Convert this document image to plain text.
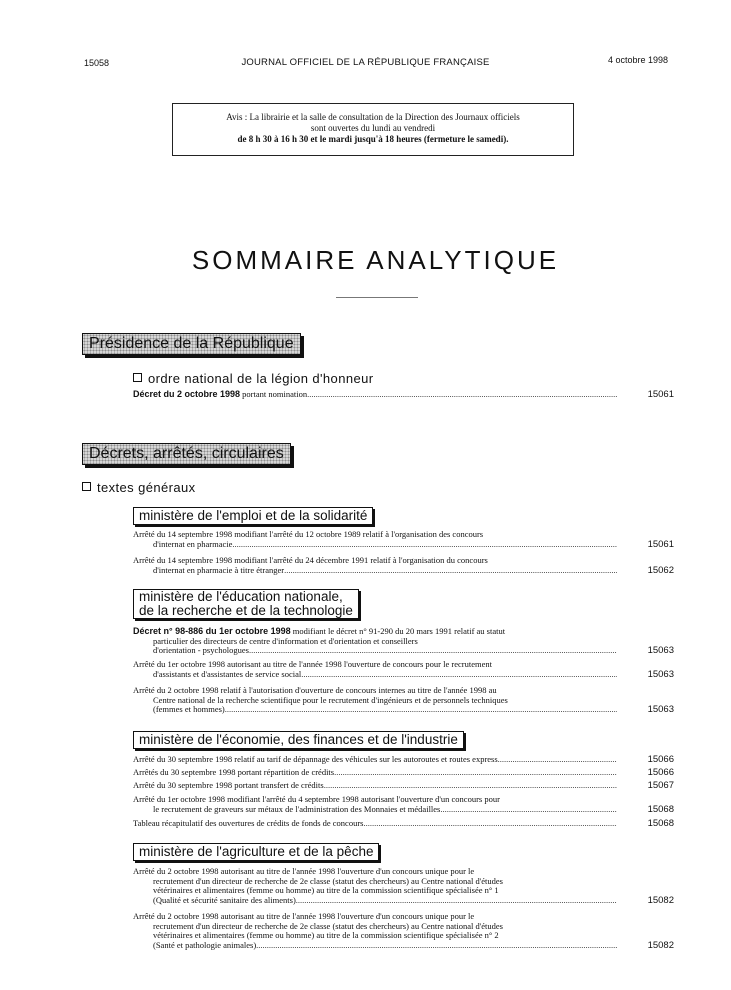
15058	JOURNAL OFFICIEL DE LA RÉPUBLIQUE FRANÇAISE	4 octobre 1998
Avis : La librairie et la salle de consultation de la Direction des Journaux officiels
sont ouvertes du lundi au vendredi
de 8 h 30 à 16 h 30 et le mardi jusqu'à 18 heures (fermeture le samedi).
SOMMAIRE ANALYTIQUE
Présidence de la République
ordre national de la légion d'honneur
Décret du 2 octobre 1998 portant nomination .....	15061
Décrets, arrêtés, circulaires
textes généraux
ministère de l'emploi et de la solidarité
Arrêté du 14 septembre 1998 modifiant l'arrêté du 12 octobre 1989 relatif à l'organisation des concours
d'internat en pharmacie .....	15061
Arrêté du 14 septembre 1998 modifiant l'arrêté du 24 décembre 1991 relatif à l'organisation du concours
d'internat en pharmacie à titre étranger .....	15062
ministère de l'éducation nationale,
de la recherche et de la technologie
Décret n° 98-886 du 1er octobre 1998 modifiant le décret n° 91-290 du 20 mars 1991 relatif au statut
particulier des directeurs de centre d'information et d'orientation et conseillers
d'orientation - psychologues .....	15063
Arrêté du 1er octobre 1998 autorisant au titre de l'année 1998 l'ouverture de concours pour le recrutement
d'assistants et d'assistantes de service social .....	15063
Arrêté du 2 octobre 1998 relatif à l'autorisation d'ouverture de concours internes au titre de l'année 1998 au
Centre national de la recherche scientifique pour le recrutement d'ingénieurs et de personnels techniques
(femmes et hommes) .....	15063
ministère de l'économie, des finances et de l'industrie
Arrêté du 30 septembre 1998 relatif au tarif de dépannage des véhicules sur les autoroutes et routes express .....	15066
Arrêtés du 30 septembre 1998 portant répartition de crédits .....	15066
Arrêté du 30 septembre 1998 portant transfert de crédits .....	15067
Arrêté du 1er octobre 1998 modifiant l'arrêté du 4 septembre 1998 autorisant l'ouverture d'un concours pour
le recrutement de graveurs sur métaux de l'administration des Monnaies et médailles .....	15068
Tableau récapitulatif des ouvertures de crédits de fonds de concours .....	15068
ministère de l'agriculture et de la pêche
Arrêté du 2 octobre 1998 autorisant au titre de l'année 1998 l'ouverture d'un concours unique pour le
recrutement d'un directeur de recherche de 2e classe (statut des chercheurs) au Centre national d'études
vétérinaires et alimentaires (femme ou homme) au titre de la commission scientifique spécialisée n° 1
(Qualité et sécurité sanitaire des aliments) .....	15082
Arrêté du 2 octobre 1998 autorisant au titre de l'année 1998 l'ouverture d'un concours unique pour le
recrutement d'un directeur de recherche de 2e classe (statut des chercheurs) au Centre national d'études
vétérinaires et alimentaires (femme ou homme) au titre de la commission scientifique spécialisée n° 2
(Santé et pathologie animales) .....	15082
